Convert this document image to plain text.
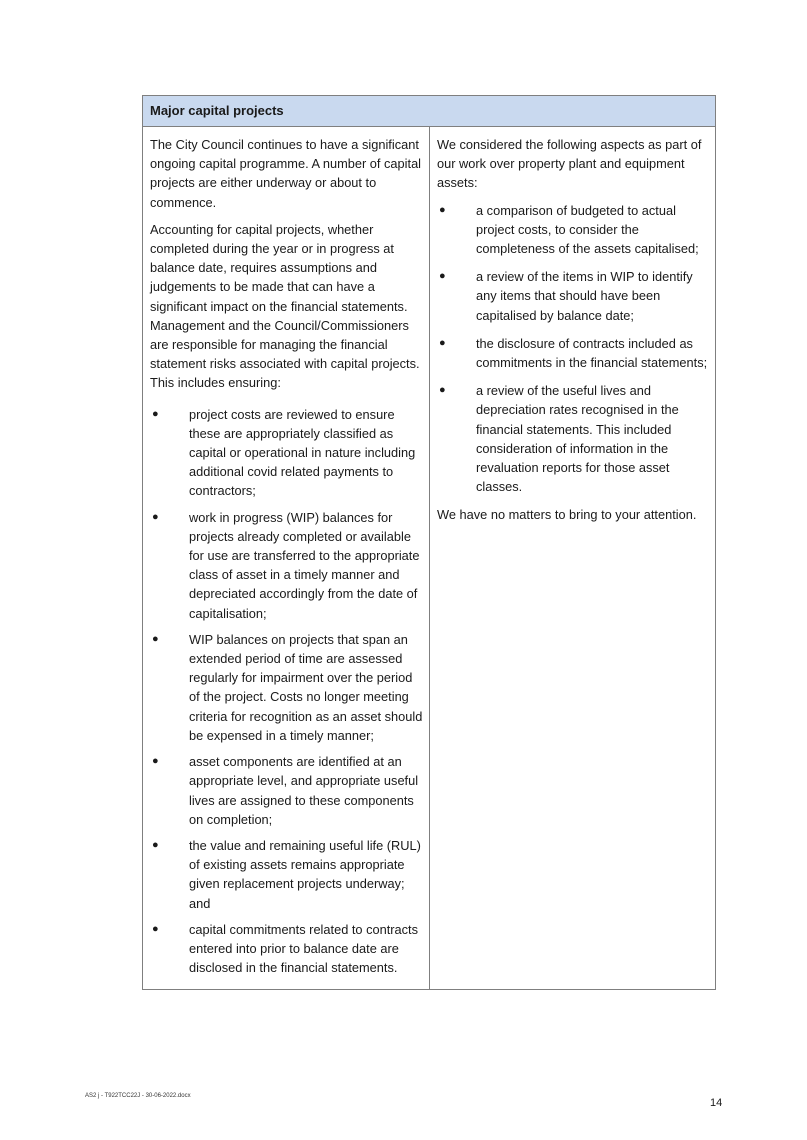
Major capital projects

The City Council continues to have a significant ongoing capital programme. A number of capital projects are either underway or about to commence.

Accounting for capital projects, whether completed during the year or in progress at balance date, requires assumptions and judgements to be made that can have a significant impact on the financial statements. Management and the Council/Commissioners are responsible for managing the financial statement risks associated with capital projects. This includes ensuring:

● project costs are reviewed to ensure these are appropriately classified as capital or operational in nature including additional covid related payments to contractors;
● work in progress (WIP) balances for projects already completed or available for use are transferred to the appropriate class of asset in a timely manner and depreciated accordingly from the date of capitalisation;
● WIP balances on projects that span an extended period of time are assessed regularly for impairment over the period of the project. Costs no longer meeting criteria for recognition as an asset should be expensed in a timely manner;
● asset components are identified at an appropriate level, and appropriate useful lives are assigned to these components on completion;
● the value and remaining useful life (RUL) of existing assets remains appropriate given replacement projects underway; and
● capital commitments related to contracts entered into prior to balance date are disclosed in the financial statements.

We considered the following aspects as part of our work over property plant and equipment assets:

● a comparison of budgeted to actual project costs, to consider the completeness of the assets capitalised;
● a review of the items in WIP to identify any items that should have been capitalised by balance date;
● the disclosure of contracts included as commitments in the financial statements;
● a review of the useful lives and depreciation rates recognised in the financial statements. This included consideration of information in the revaluation reports for those asset classes.

We have no matters to bring to your attention.

AS2 j - T922TCC22J - 30-06-2022.docx
14
